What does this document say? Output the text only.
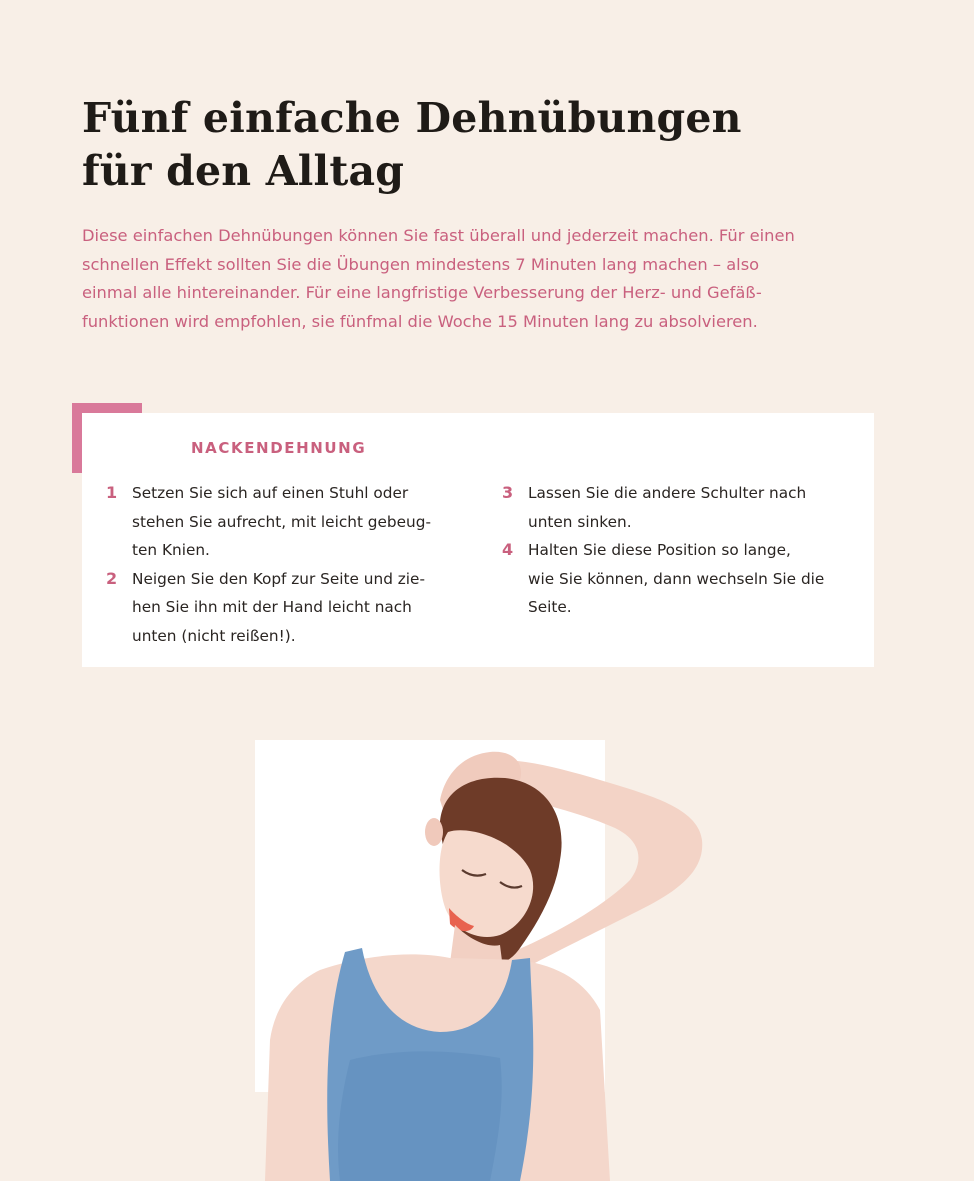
Fünf einfache Dehnübungen
für den Alltag

Diese einfachen Dehnübungen können Sie fast überall und jederzeit machen. Für einen
schnellen Effekt sollten Sie die Übungen mindestens 7 Minuten lang machen – also
einmal alle hintereinander. Für eine langfristige Verbesserung der Herz- und Gefäß-
funktionen wird empfohlen, sie fünfmal die Woche 15 Minuten lang zu absolvieren.

NACKENDEHNUNG
1 Setzen Sie sich auf einen Stuhl oder
stehen Sie aufrecht, mit leicht gebeug-
ten Knien.
2 Neigen Sie den Kopf zur Seite und zie-
hen Sie ihn mit der Hand leicht nach
unten (nicht reißen!).
3 Lassen Sie die andere Schulter nach
unten sinken.
4 Halten Sie diese Position so lange,
wie Sie können, dann wechseln Sie die
Seite.
